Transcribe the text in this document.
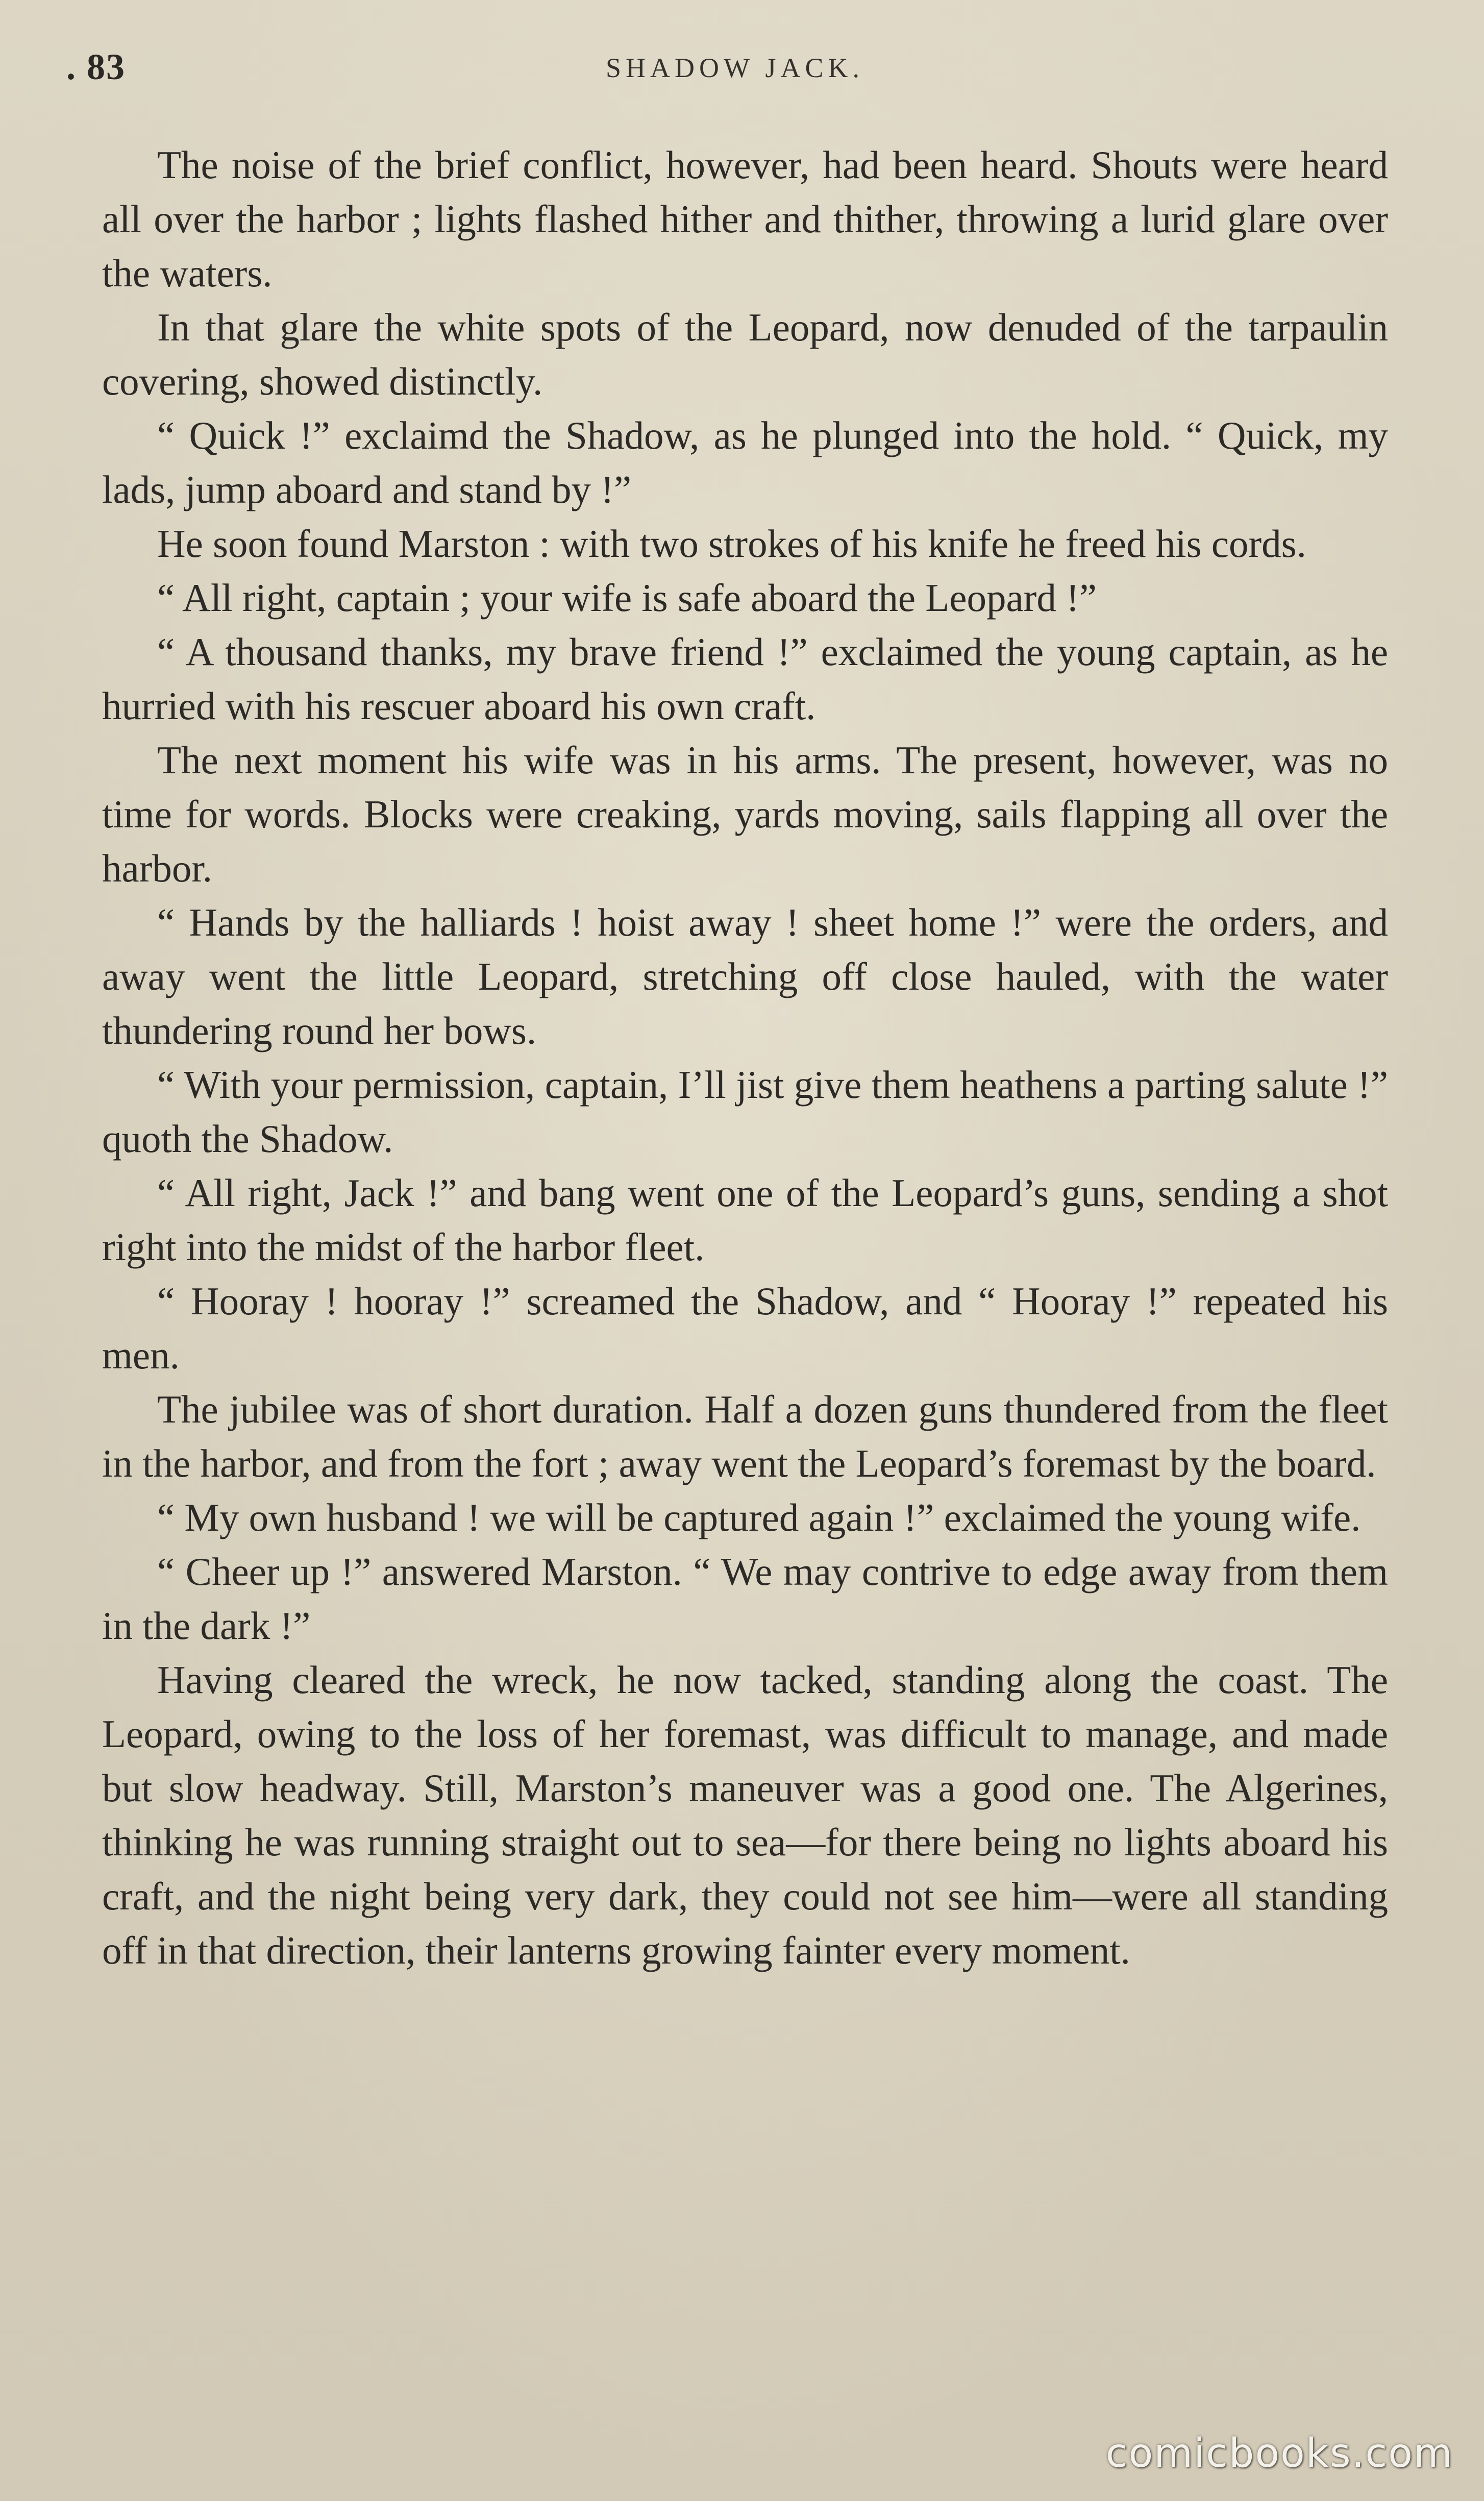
. 83	SHADOW JACK.

The noise of the brief conflict, however, had been heard. Shouts were heard all over the harbor ; lights flashed hither and thither, throwing a lurid glare over the waters.

In that glare the white spots of the Leopard, now denuded of the tarpaulin covering, showed distinctly.

“ Quick !” exclaimd the Shadow, as he plunged into the hold. “ Quick, my lads, jump aboard and stand by !”

He soon found Marston : with two strokes of his knife he freed his cords.

“ All right, captain ; your wife is safe aboard the Leopard !”

“ A thousand thanks, my brave friend !” exclaimed the young captain, as he hurried with his rescuer aboard his own craft.

The next moment his wife was in his arms. The present, however, was no time for words. Blocks were creaking, yards moving, sails flapping all over the harbor.

“ Hands by the halliards ! hoist away ! sheet home !” were the orders, and away went the little Leopard, stretching off close hauled, with the water thundering round her bows.

“ With your permission, captain, I’ll jist give them heathens a parting salute !” quoth the Shadow.

“ All right, Jack !” and bang went one of the Leopard’s guns, sending a shot right into the midst of the harbor fleet.

“ Hooray ! hooray !” screamed the Shadow, and “ Hooray !” repeated his men.

The jubilee was of short duration. Half a dozen guns thundered from the fleet in the harbor, and from the fort ; away went the Leopard’s foremast by the board.

“ My own husband ! we will be captured again !” exclaimed the young wife.

“ Cheer up !” answered Marston. “ We may contrive to edge away from them in the dark !”

Having cleared the wreck, he now tacked, standing along the coast. The Leopard, owing to the loss of her foremast, was difficult to manage, and made but slow headway. Still, Marston’s maneuver was a good one. The Algerines, thinking he was running straight out to sea—for there being no lights aboard his craft, and the night being very dark, they could not see him—were all standing off in that direction, their lanterns growing fainter every moment.

comicbooks.com
